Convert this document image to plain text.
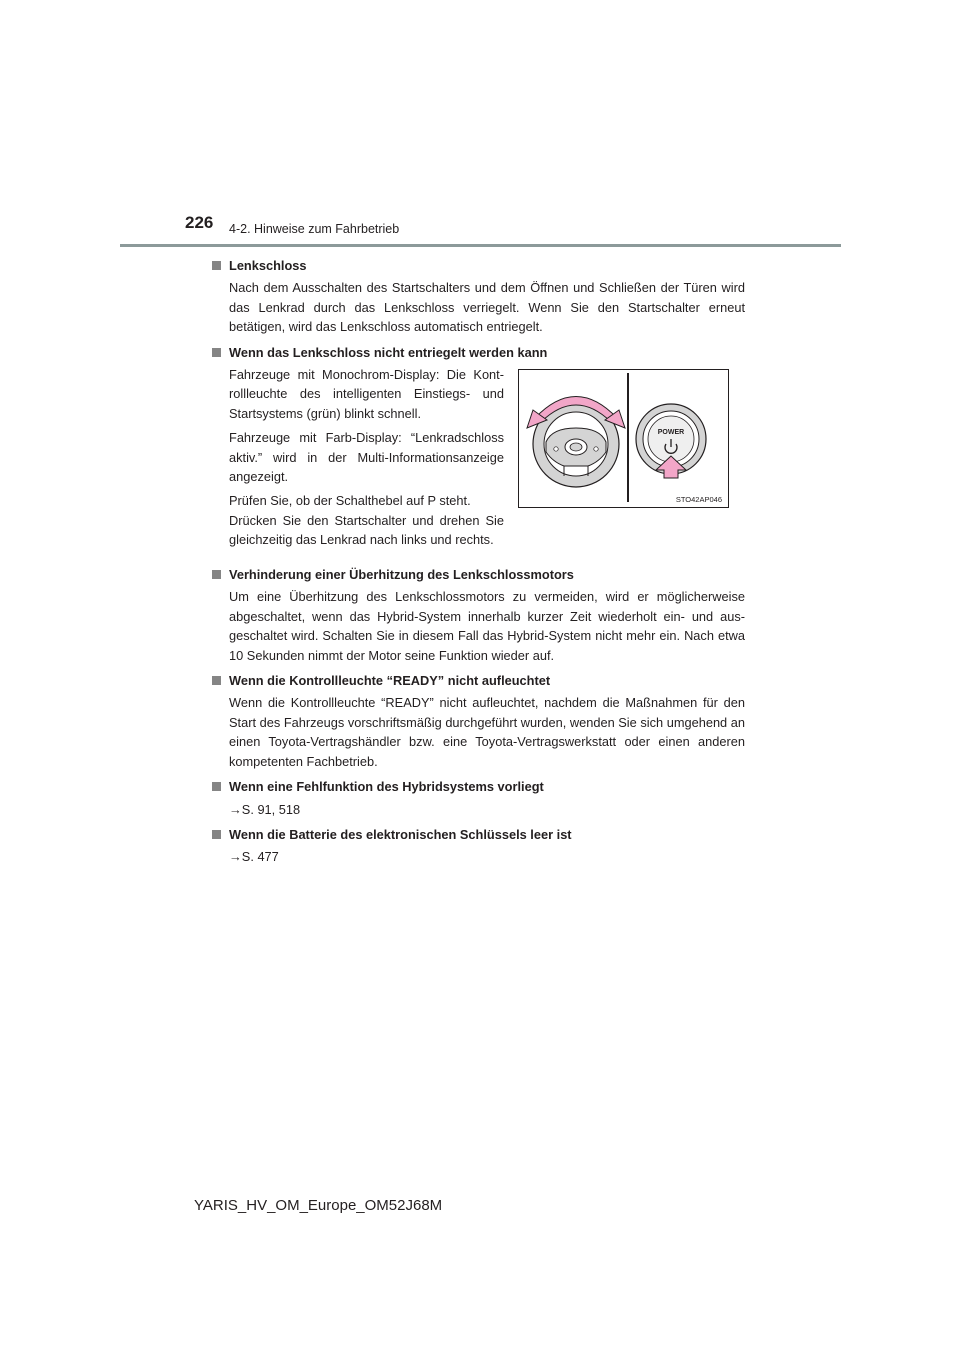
226 4-2. Hinweise zum Fahrbetrieb
Lenkschloss

Nach dem Ausschalten des Startschalters und dem Öffnen und Schließen der Türen wird das Lenkrad durch das Lenkschloss verriegelt. Wenn Sie den Startschalter erneut betätigen, wird das Lenkschloss automatisch entriegelt.

Wenn das Lenkschloss nicht entriegelt werden kann

Fahrzeuge mit Monochrom-Display: Die Kont-rollleuchte des intelligenten Einstiegs- und Startsystems (grün) blinkt schnell.

Fahrzeuge mit Farb-Display: “Lenkradschloss aktiv.” wird in der Multi-Informationsanzeige angezeigt.

Prüfen Sie, ob der Schalthebel auf P steht.

Drücken Sie den Startschalter und drehen Sie gleichzeitig das Lenkrad nach links und rechts.

POWER
STO42AP046
Verhinderung einer Überhitzung des Lenkschlossmotors

Um eine Überhitzung des Lenkschlossmotors zu vermeiden, wird er möglicherweise abgeschaltet, wenn das Hybrid-System innerhalb kurzer Zeit wiederholt ein- und aus-geschaltet wird. Schalten Sie in diesem Fall das Hybrid-System nicht mehr ein. Nach etwa 10 Sekunden nimmt der Motor seine Funktion wieder auf.

Wenn die Kontrollleuchte “READY” nicht aufleuchtet

Wenn die Kontrollleuchte “READY” nicht aufleuchtet, nachdem die Maßnahmen für den Start des Fahrzeugs vorschriftsmäßig durchgeführt wurden, wenden Sie sich umgehend an einen Toyota-Vertragshändler bzw. eine Toyota-Vertragswerkstatt oder einen anderen kompetenten Fachbetrieb.

Wenn eine Fehlfunktion des Hybridsystems vorliegt

→S. 91, 518

Wenn die Batterie des elektronischen Schlüssels leer ist

→S. 477

YARIS_HV_OM_Europe_OM52J68M
